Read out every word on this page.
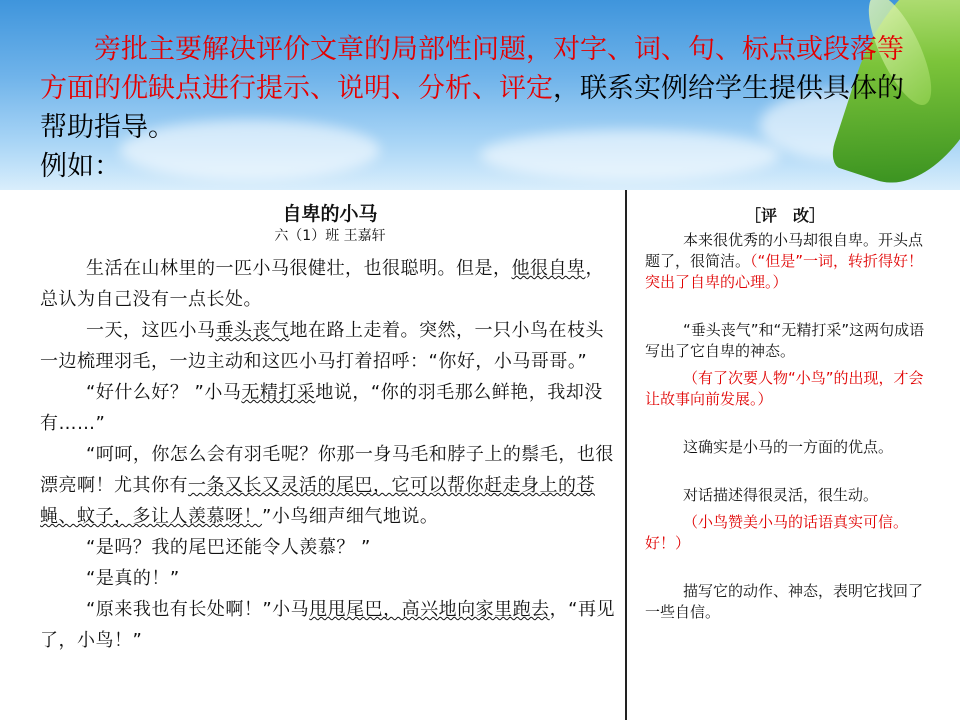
旁批主要解决评价文章的局部性问题，对字、词、句、标点或段落等方面的优缺点进行提示、说明、分析、评定，联系实例给学生提供具体的帮助指导。
例如：
自卑的小马
六（1）班 王嘉轩
生活在山林里的一匹小马很健壮，也很聪明。但是，他很自卑，总认为自己没有一点长处。
一天，这匹小马垂头丧气地在路上走着。突然，一只小鸟在枝头一边梳理羽毛，一边主动和这匹小马打着招呼：“你好，小马哥哥。”
“好什么好？ ”小马无精打采地说，“你的羽毛那么鲜艳，我却没有……”
“呵呵，你怎么会有羽毛呢？你那一身马毛和脖子上的鬃毛，也很漂亮啊！尤其你有一条又长又灵活的尾巴，它可以帮你赶走身上的苍蝇、蚊子，多让人羡慕呀！”小鸟细声细气地说。
“是吗？我的尾巴还能令人羡慕？ ”
“是真的！”
“原来我也有长处啊！”小马甩甩尾巴，高兴地向家里跑去，“再见了，小鸟！”
［评　改］
本来很优秀的小马却很自卑。开头点题了，很简洁。（“但是”一词，转折得好！突出了自卑的心理。）
“垂头丧气”和“无精打采”这两句成语写出了它自卑的神态。
（有了次要人物“小鸟”的出现，才会让故事向前发展。）
这确实是小马的一方面的优点。
对话描述得很灵活，很生动。
（小鸟赞美小马的话语真实可信。好！）
描写它的动作、神态，表明它找回了一些自信。
